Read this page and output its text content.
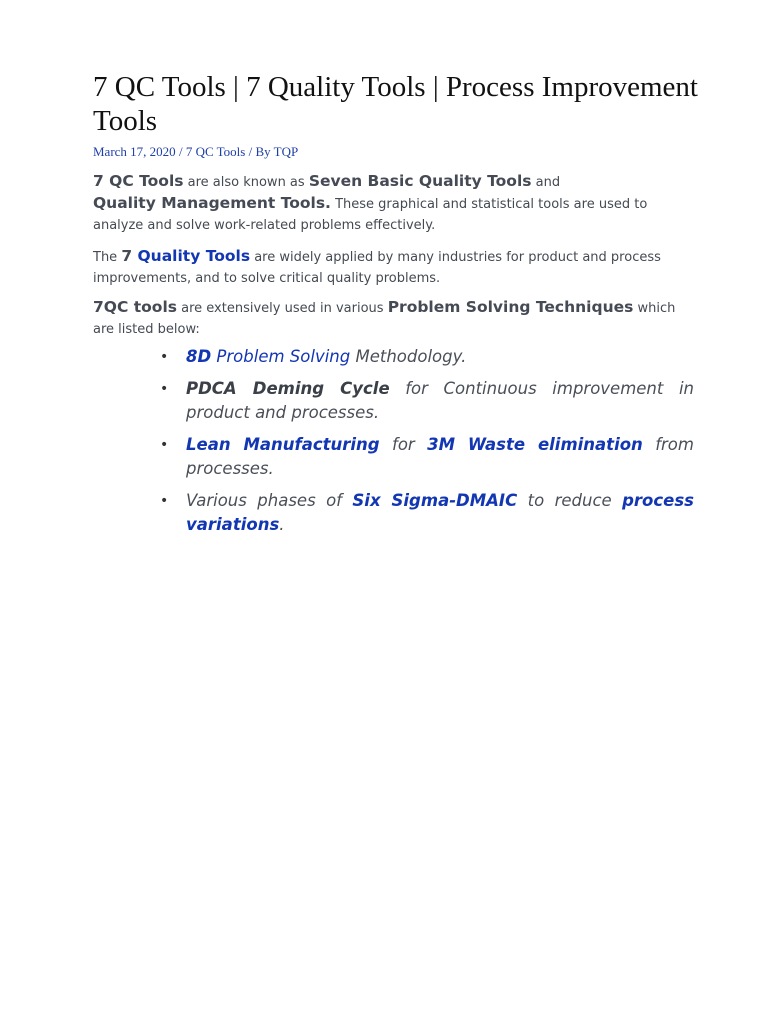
7 QC Tools | 7 Quality Tools | Process Improvement Tools

March 17, 2020 / 7 QC Tools / By TQP

7 QC Tools are also known as Seven Basic Quality Tools and
Quality Management Tools. These graphical and statistical tools are used to analyze and solve work-related problems effectively.

The 7 Quality Tools are widely applied by many industries for product and process improvements, and to solve critical quality problems.

7QC tools are extensively used in various Problem Solving Techniques which are listed below:

• 8D Problem Solving Methodology.
• PDCA Deming Cycle for Continuous improvement in product and processes.
• Lean Manufacturing for 3M Waste elimination from processes.
• Various phases of Six Sigma-DMAIC to reduce process variations.
